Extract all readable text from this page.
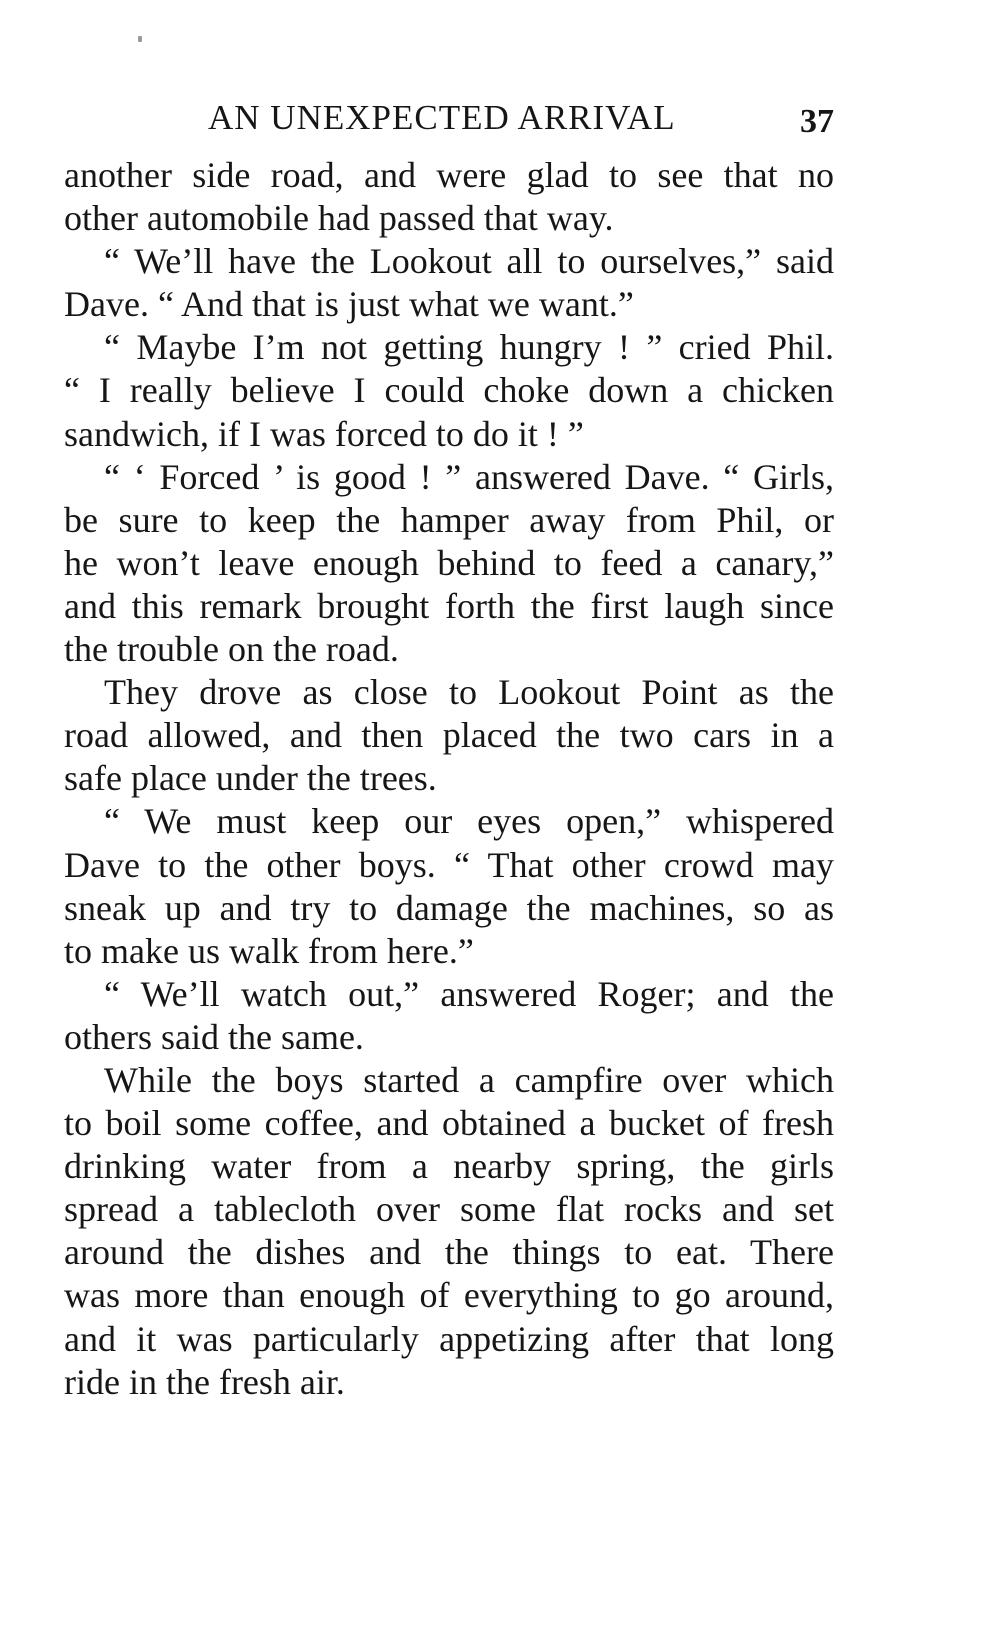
AN UNEXPECTED ARRIVAL	37
another side road, and were glad to see that no
other automobile had passed that way.
“ We’ll have the Lookout all to ourselves,” said
Dave. “ And that is just what we want.”
“ Maybe I’m not getting hungry ! ” cried Phil.
“ I really believe I could choke down a chicken
sandwich, if I was forced to do it ! ”
“ ‘ Forced ’ is good ! ” answered Dave. “ Girls,
be sure to keep the hamper away from Phil, or
he won’t leave enough behind to feed a canary,”
and this remark brought forth the first laugh since
the trouble on the road.
They drove as close to Lookout Point as the
road allowed, and then placed the two cars in a
safe place under the trees.
“ We must keep our eyes open,” whispered
Dave to the other boys. “ That other crowd may
sneak up and try to damage the machines, so as
to make us walk from here.”
“ We’ll watch out,” answered Roger; and the
others said the same.
While the boys started a campfire over which
to boil some coffee, and obtained a bucket of fresh
drinking water from a nearby spring, the girls
spread a tablecloth over some flat rocks and set
around the dishes and the things to eat. There
was more than enough of everything to go around,
and it was particularly appetizing after that long
ride in the fresh air.
